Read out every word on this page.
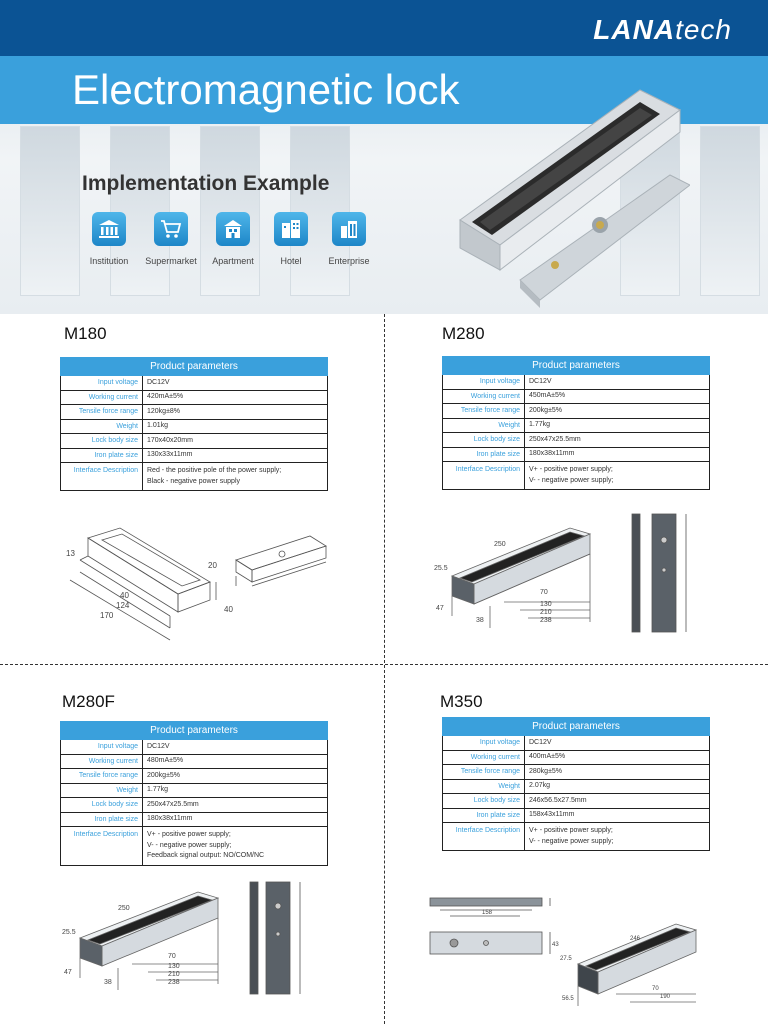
LANAtech
Electromagnetic lock
Implementation Example
Institution Supermarket Apartment	Hotel	Enterprise
M180
Product parameters	
Input voltage	DC12V
Working current	420mA±5%
Tensile force range	120kg±8%
Weight	1.01kg
Lock body size	170x40x20mm
Iron plate size	130x33x11mm
Interface Description	Red - the positive pole of the power supply;
Black - negative power supply
13
40
124
170
20
40
M280
Product parameters	
Input voltage	DC12V
Working current	450mA±5%
Tensile force range	200kg±5%
Weight	1.77kg
Lock body size	250x47x25.5mm
Iron plate size	180x38x11mm
Interface Description	V+ - positive power supply;
V- - negative power supply;
250
25.5
47
70
130
210
238
38
M280F
Product parameters	
Input voltage	DC12V
Working current	480mA±5%
Tensile force range	200kg±5%
Weight	1.77kg
Lock body size	250x47x25.5mm
Iron plate size	180x38x11mm
Interface Description	V+ - positive power supply;
V- - negative power supply;
Feedback signal output: NO/COM/NC
250
25.5
47
70
130
210
238
38
M350
Product parameters	
Input voltage	DC12V
Working current	400mA±5%
Tensile force range	280kg±5%
Weight	2.07kg
Lock body size	246x56.5x27.5mm
Iron plate size	158x43x11mm
Interface Description	V+ - positive power supply;
V- - negative power supply;
158
43
246
27.5
56.5
70
190
